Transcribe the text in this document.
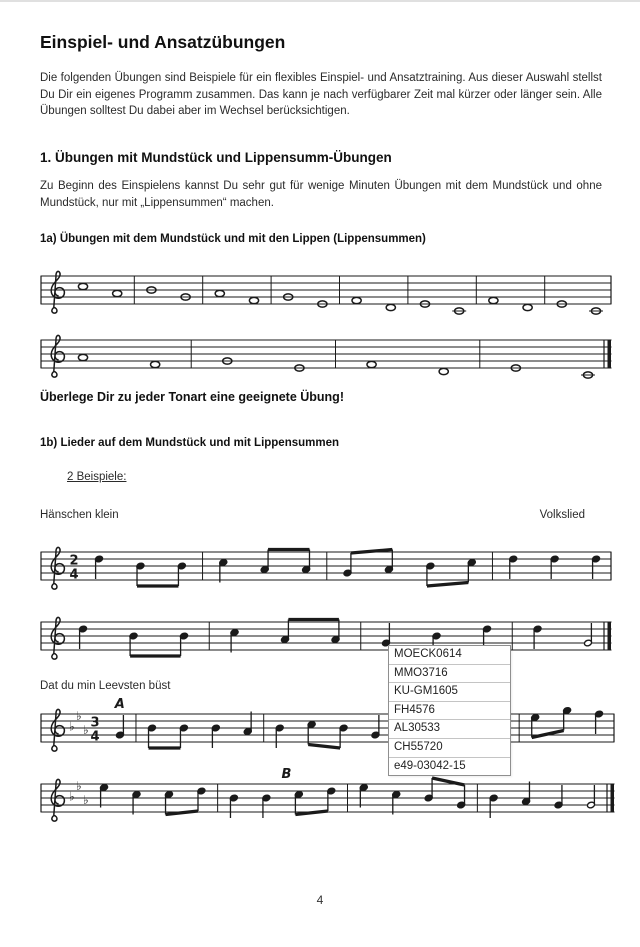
Einspiel- und Ansatzübungen
Die folgenden Übungen sind Beispiele für ein flexibles Einspiel- und Ansatztraining. Aus dieser Auswahl stellst Du Dir ein eigenes Programm zusammen. Das kann je nach verfügbarer Zeit mal kürzer oder länger sein. Alle Übungen solltest Du dabei aber im Wechsel berücksichtigen.
1. Übungen mit Mundstück und Lippensumm-Übungen
Zu Beginn des Einspielens kannst Du sehr gut für wenige Minuten Übungen mit dem Mundstück und ohne Mundstück, nur mit „Lippensummen“ machen.
1a) Übungen mit dem Mundstück und mit den Lippen (Lippensummen)
Überlege Dir zu jeder Tonart eine geeignete Übung!
1b) Lieder auf dem Mundstück und mit Lippensummen
2 Beispiele:
Hänschen klein	Volkslied
2
4
Dat du min Leevsten büst
♭
♭
♭ 3
4
A
♭
♭
♭
B
MOECK0614
MMO3716
KU-GM1605
FH4576
AL30533
CH55720
e49-03042-15
4
